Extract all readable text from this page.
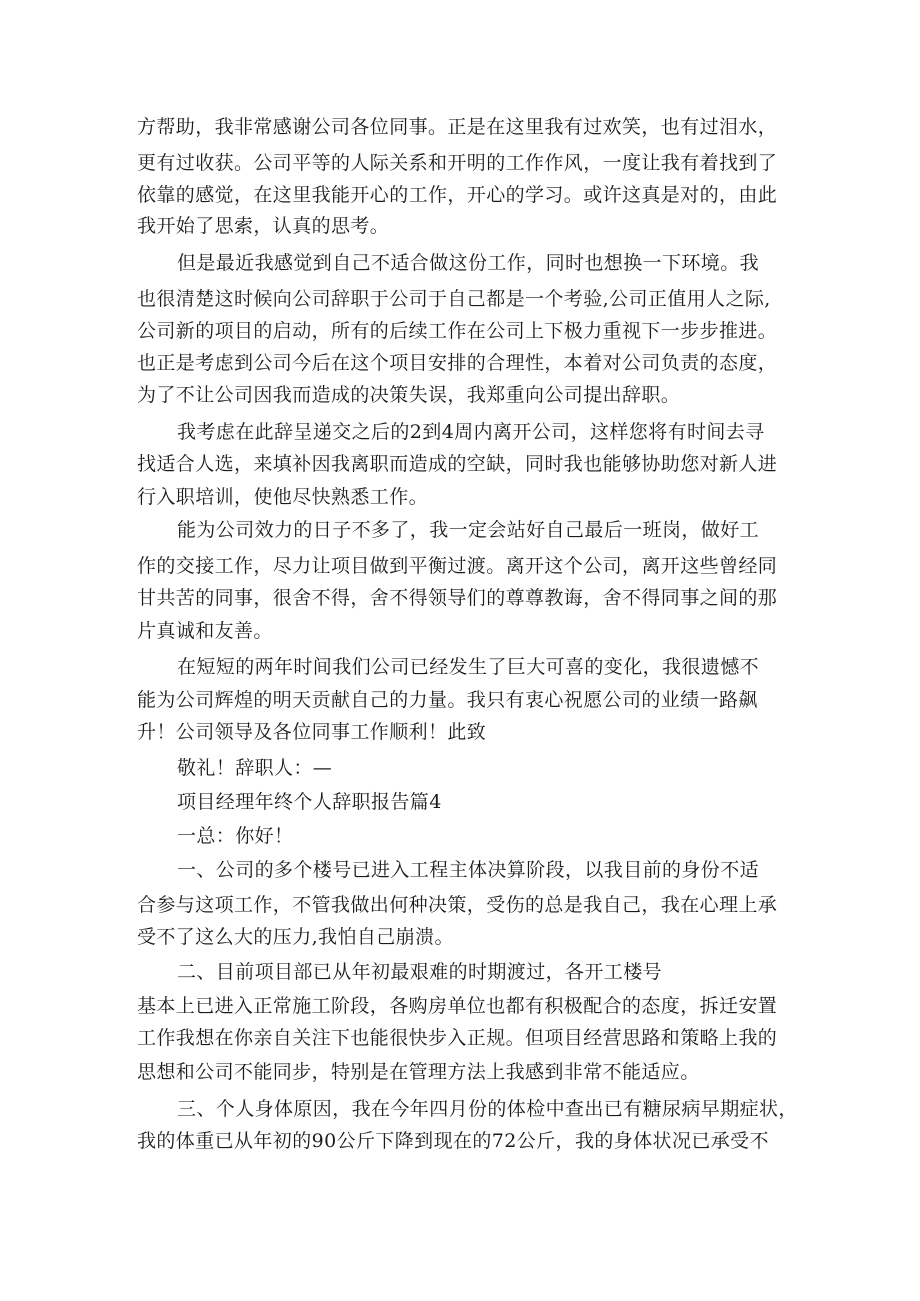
方帮助，我非常感谢公司各位同事。正是在这里我有过欢笑，也有过泪水，
更有过收获。公司平等的人际关系和开明的工作作风，一度让我有着找到了
依靠的感觉，在这里我能开心的工作，开心的学习。或许这真是对的，由此
我开始了思索，认真的思考。
但是最近我感觉到自己不适合做这份工作，同时也想换一下环境。我
也很清楚这时候向公司辞职于公司于自己都是一个考验,公司正值用人之际,
公司新的项目的启动，所有的后续工作在公司上下极力重视下一步步推进。
也正是考虑到公司今后在这个项目安排的合理性，本着对公司负责的态度，
为了不让公司因我而造成的决策失误，我郑重向公司提出辞职。
我考虑在此辞呈递交之后的2到4周内离开公司，这样您将有时间去寻
找适合人选，来填补因我离职而造成的空缺，同时我也能够协助您对新人进
行入职培训，使他尽快熟悉工作。
能为公司效力的日子不多了，我一定会站好自己最后一班岗，做好工
作的交接工作，尽力让项目做到平衡过渡。离开这个公司，离开这些曾经同
甘共苦的同事，很舍不得，舍不得领导们的尊尊教诲，舍不得同事之间的那
片真诚和友善。
在短短的两年时间我们公司已经发生了巨大可喜的变化，我很遗憾不
能为公司辉煌的明天贡献自己的力量。我只有衷心祝愿公司的业绩一路飙
升！公司领导及各位同事工作顺利！此致
敬礼！辞职人：—
项目经理年终个人辞职报告篇4
一总：你好！
一、公司的多个楼号已进入工程主体决算阶段，以我目前的身份不适
合参与这项工作，不管我做出何种决策，受伤的总是我自己，我在心理上承
受不了这么大的压力,我怕自己崩溃。
二、目前项目部已从年初最艰难的时期渡过，各开工楼号
基本上已进入正常施工阶段，各购房单位也都有积极配合的态度，拆迁安置
工作我想在你亲自关注下也能很快步入正规。但项目经营思路和策略上我的
思想和公司不能同步，特别是在管理方法上我感到非常不能适应。
三、个人身体原因，我在今年四月份的体检中查出已有糖尿病早期症状，
我的体重已从年初的90公斤下降到现在的72公斤，我的身体状况已承受不
